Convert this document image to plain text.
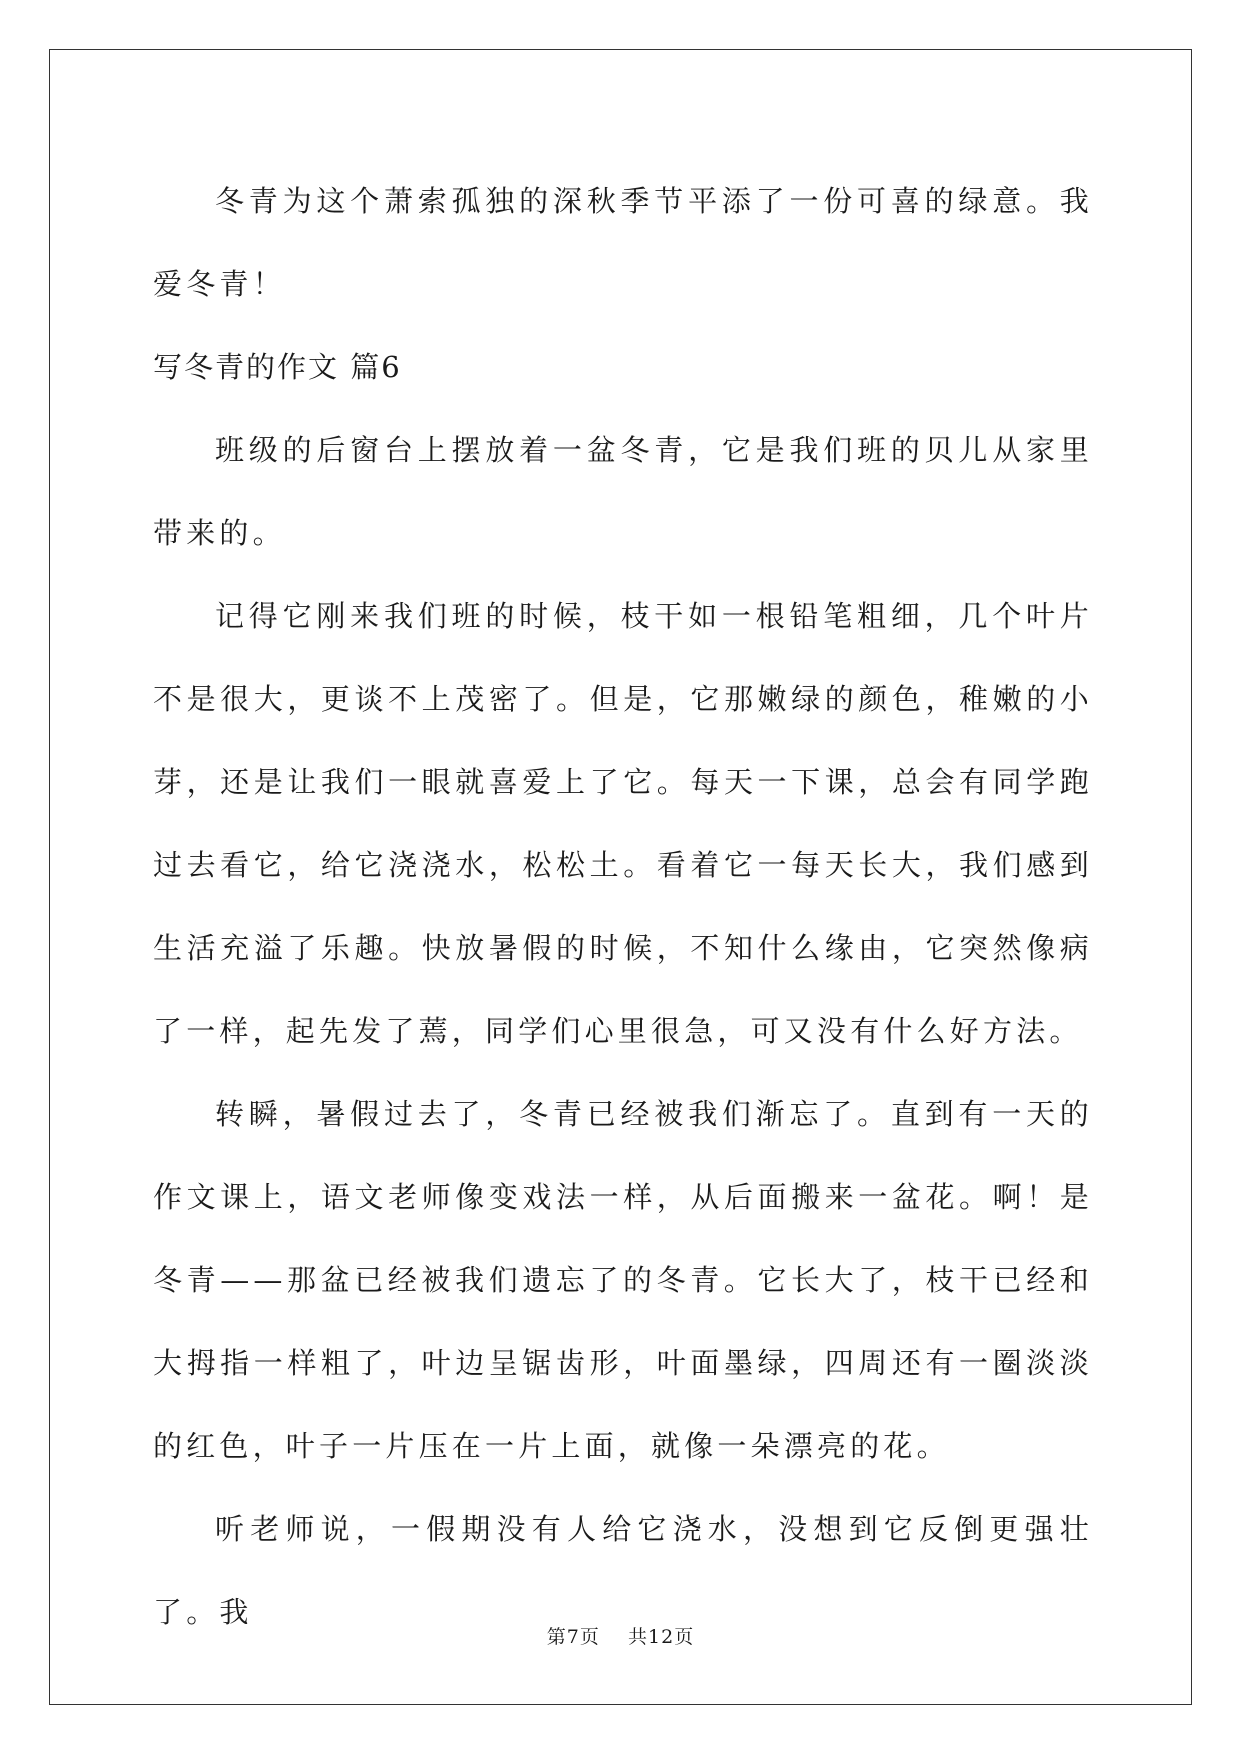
冬青为这个萧索孤独的深秋季节平添了一份可喜的绿意。我爱冬青！

写冬青的作文 篇6

班级的后窗台上摆放着一盆冬青，它是我们班的贝儿从家里带来的。

记得它刚来我们班的时候，枝干如一根铅笔粗细，几个叶片不是很大，更谈不上茂密了。但是，它那嫩绿的颜色，稚嫩的小芽，还是让我们一眼就喜爱上了它。每天一下课，总会有同学跑过去看它，给它浇浇水，松松土。看着它一每天长大，我们感到生活充溢了乐趣。快放暑假的时候，不知什么缘由，它突然像病了一样，起先发了蔫，同学们心里很急，可又没有什么好方法。

转瞬，暑假过去了，冬青已经被我们渐忘了。直到有一天的作文课上，语文老师像变戏法一样，从后面搬来一盆花。啊！是冬青——那盆已经被我们遗忘了的冬青。它长大了，枝干已经和大拇指一样粗了，叶边呈锯齿形，叶面墨绿，四周还有一圈淡淡的红色，叶子一片压在一片上面，就像一朵漂亮的花。

听老师说，一假期没有人给它浇水，没想到它反倒更强壮了。我

第7页 共12页
